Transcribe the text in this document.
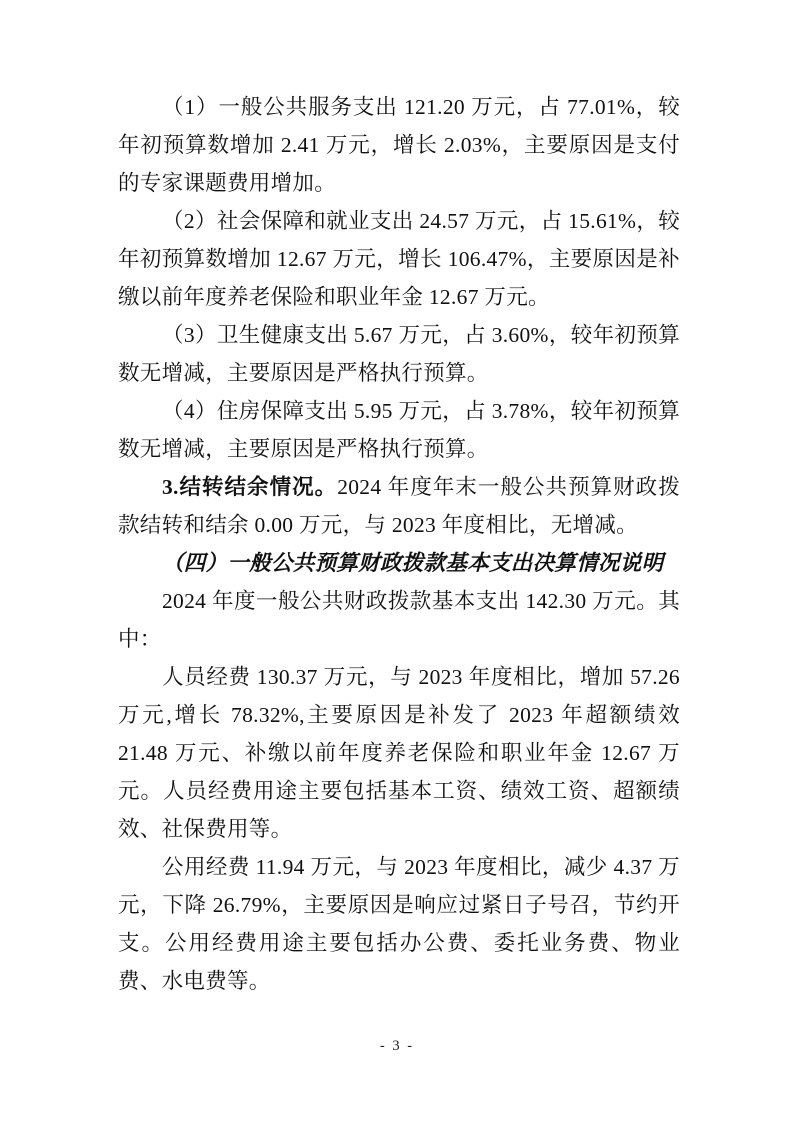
（1）一般公共服务支出 121.20 万元，占 77.01%，较年初预算数增加 2.41 万元，增长 2.03%，主要原因是支付的专家课题费用增加。

（2）社会保障和就业支出 24.57 万元，占 15.61%，较年初预算数增加 12.67 万元，增长 106.47%，主要原因是补缴以前年度养老保险和职业年金 12.67 万元。

（3）卫生健康支出 5.67 万元，占 3.60%，较年初预算数无增减，主要原因是严格执行预算。

（4）住房保障支出 5.95 万元，占 3.78%，较年初预算数无增减，主要原因是严格执行预算。

3.结转结余情况。2024 年度年末一般公共预算财政拨款结转和结余 0.00 万元，与 2023 年度相比，无增减。

（四）一般公共预算财政拨款基本支出决算情况说明

2024 年度一般公共财政拨款基本支出 142.30 万元。其中：

人员经费 130.37 万元，与 2023 年度相比，增加 57.26 万元,增长 78.32%,主要原因是补发了 2023 年超额绩效 21.48 万元、补缴以前年度养老保险和职业年金 12.67 万元。人员经费用途主要包括基本工资、绩效工资、超额绩效、社保费用等。

公用经费 11.94 万元，与 2023 年度相比，减少 4.37 万元，下降 26.79%，主要原因是响应过紧日子号召，节约开支。公用经费用途主要包括办公费、委托业务费、物业费、水电费等。

- 3 -
